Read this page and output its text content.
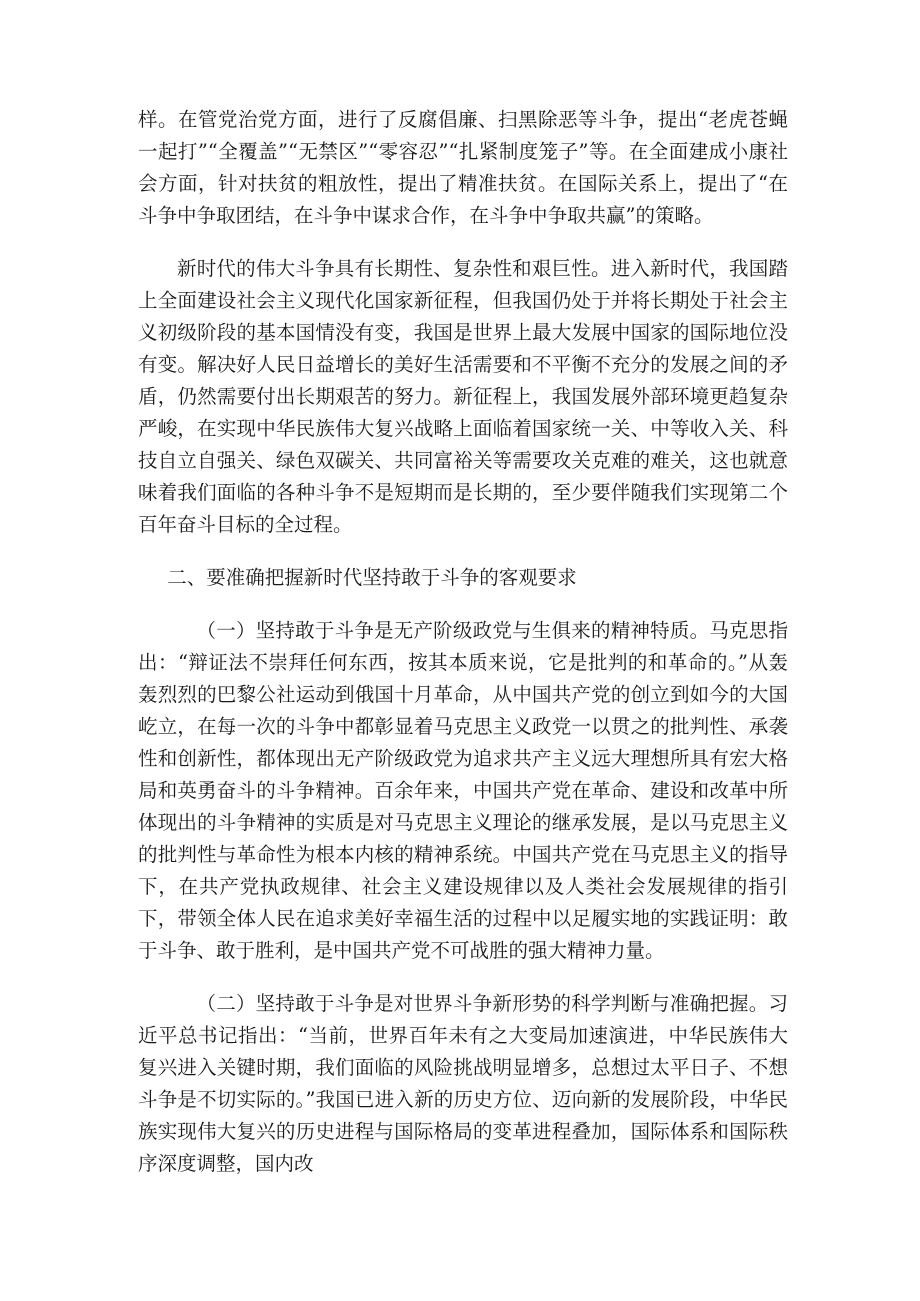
样。在管党治党方面，进行了反腐倡廉、扫黑除恶等斗争，提出“老虎苍蝇一起打”“全覆盖”“无禁区”“零容忍”“扎紧制度笼子”等。在全面建成小康社会方面，针对扶贫的粗放性，提出了精准扶贫。在国际关系上，提出了“在斗争中争取团结，在斗争中谋求合作，在斗争中争取共赢”的策略。

新时代的伟大斗争具有长期性、复杂性和艰巨性。进入新时代，我国踏上全面建设社会主义现代化国家新征程，但我国仍处于并将长期处于社会主义初级阶段的基本国情没有变，我国是世界上最大发展中国家的国际地位没有变。解决好人民日益增长的美好生活需要和不平衡不充分的发展之间的矛盾，仍然需要付出长期艰苦的努力。新征程上，我国发展外部环境更趋复杂严峻，在实现中华民族伟大复兴战略上面临着国家统一关、中等收入关、科技自立自强关、绿色双碳关、共同富裕关等需要攻关克难的难关，这也就意味着我们面临的各种斗争不是短期而是长期的，至少要伴随我们实现第二个百年奋斗目标的全过程。

二、要准确把握新时代坚持敢于斗争的客观要求

（一）坚持敢于斗争是无产阶级政党与生俱来的精神特质。马克思指出：“辩证法不崇拜任何东西，按其本质来说，它是批判的和革命的。”从轰轰烈烈的巴黎公社运动到俄国十月革命，从中国共产党的创立到如今的大国屹立，在每一次的斗争中都彰显着马克思主义政党一以贯之的批判性、承袭性和创新性，都体现出无产阶级政党为追求共产主义远大理想所具有宏大格局和英勇奋斗的斗争精神。百余年来，中国共产党在革命、建设和改革中所体现出的斗争精神的实质是对马克思主义理论的继承发展，是以马克思主义的批判性与革命性为根本内核的精神系统。中国共产党在马克思主义的指导下，在共产党执政规律、社会主义建设规律以及人类社会发展规律的指引下，带领全体人民在追求美好幸福生活的过程中以足履实地的实践证明：敢于斗争、敢于胜利，是中国共产党不可战胜的强大精神力量。

（二）坚持敢于斗争是对世界斗争新形势的科学判断与准确把握。习近平总书记指出：“当前，世界百年未有之大变局加速演进，中华民族伟大复兴进入关键时期，我们面临的风险挑战明显增多，总想过太平日子、不想斗争是不切实际的。”我国已进入新的历史方位、迈向新的发展阶段，中华民族实现伟大复兴的历史进程与国际格局的变革进程叠加，国际体系和国际秩序深度调整，国内改
